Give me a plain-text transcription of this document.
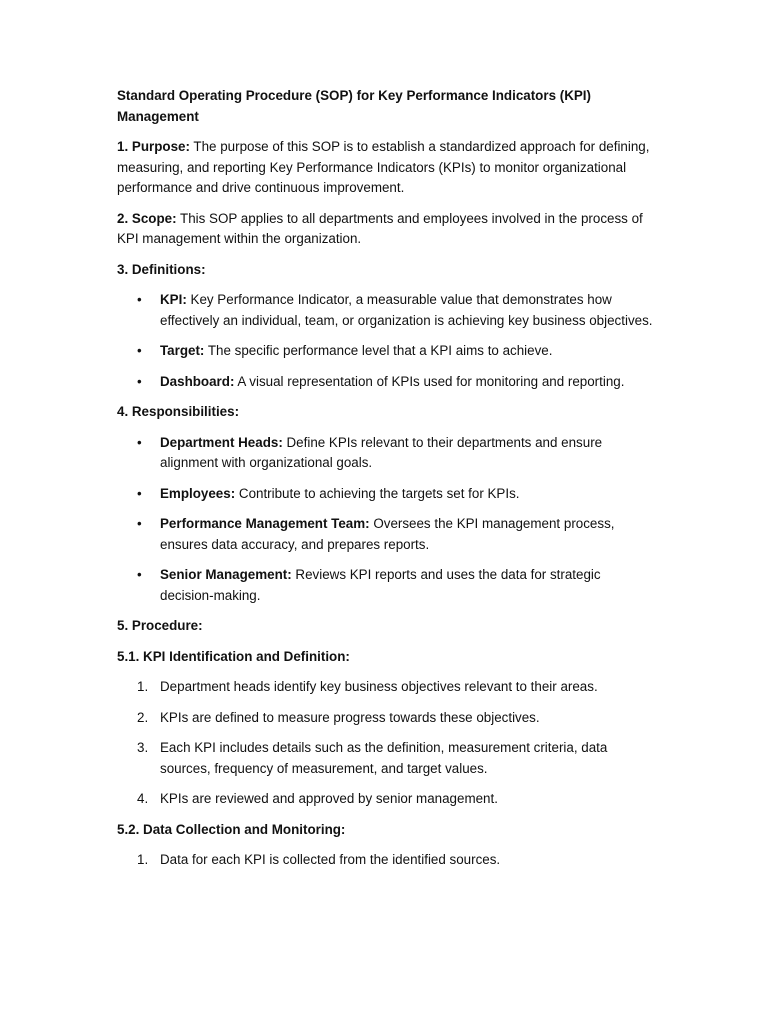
Standard Operating Procedure (SOP) for Key Performance Indicators (KPI) Management

1. Purpose: The purpose of this SOP is to establish a standardized approach for defining, measuring, and reporting Key Performance Indicators (KPIs) to monitor organizational performance and drive continuous improvement.

2. Scope: This SOP applies to all departments and employees involved in the process of KPI management within the organization.

3. Definitions:

• KPI: Key Performance Indicator, a measurable value that demonstrates how effectively an individual, team, or organization is achieving key business objectives.
• Target: The specific performance level that a KPI aims to achieve.
• Dashboard: A visual representation of KPIs used for monitoring and reporting.

4. Responsibilities:

• Department Heads: Define KPIs relevant to their departments and ensure alignment with organizational goals.
• Employees: Contribute to achieving the targets set for KPIs.
• Performance Management Team: Oversees the KPI management process, ensures data accuracy, and prepares reports.
• Senior Management: Reviews KPI reports and uses the data for strategic decision-making.

5. Procedure:

5.1. KPI Identification and Definition:

1. Department heads identify key business objectives relevant to their areas.
2. KPIs are defined to measure progress towards these objectives.
3. Each KPI includes details such as the definition, measurement criteria, data sources, frequency of measurement, and target values.
4. KPIs are reviewed and approved by senior management.

5.2. Data Collection and Monitoring:

1. Data for each KPI is collected from the identified sources.
